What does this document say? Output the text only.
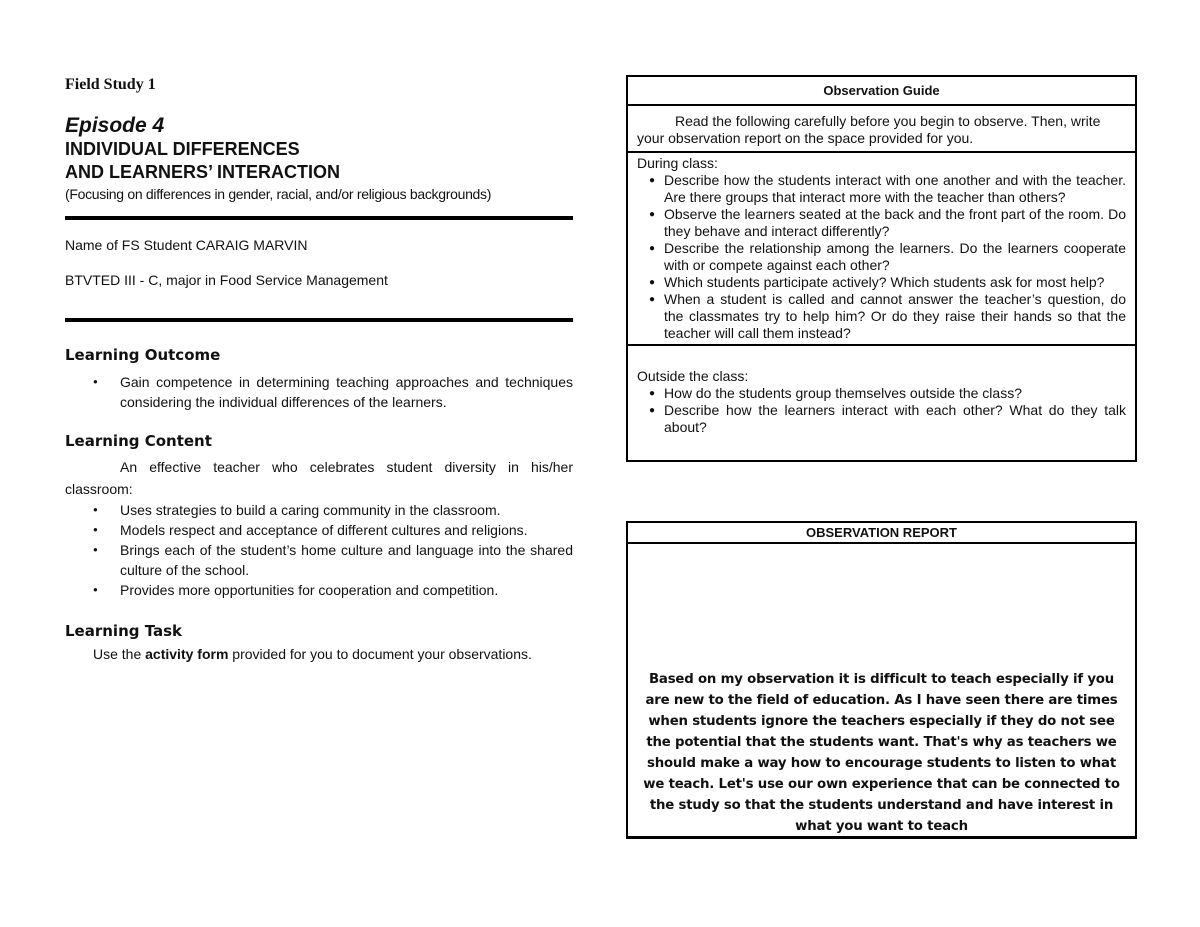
Field Study 1

Episode 4

INDIVIDUAL DIFFERENCES

AND LEARNERS’ INTERACTION

(Focusing on differences in gender, racial, and/or religious backgrounds)

Name of FS Student CARAIG MARVIN

BTVTED III - C, major in Food Service Management

Learning Outcome

● Gain competence in determining teaching approaches and techniques considering the individual differences of the learners.

Learning Content

An effective teacher who celebrates student diversity in his/her classroom:

● Uses strategies to build a caring community in the classroom.
● Models respect and acceptance of different cultures and religions.
● Brings each of the student’s home culture and language into the shared culture of the school.
● Provides more opportunities for cooperation and competition.

Learning Task

Use the activity form provided for you to document your observations.

Observation Guide
Read the following carefully before you begin to observe. Then, write your observation report on the space provided for you.
During class:
● Describe how the students interact with one another and with the teacher. Are there groups that interact more with the teacher than others?
● Observe the learners seated at the back and the front part of the room. Do they behave and interact differently?
● Describe the relationship among the learners. Do the learners cooperate with or compete against each other?
● Which students participate actively? Which students ask for most help?
● When a student is called and cannot answer the teacher’s question, do the classmates try to help him? Or do they raise their hands so that the teacher will call them instead?
Outside the class:
● How do the students group themselves outside the class?
● Describe how the learners interact with each other? What do they talk about?
OBSERVATION REPORT
Based on my observation it is difficult to teach especially if you are new to the field of education. As I have seen there are times when students ignore the teachers especially if they do not see the potential that the students want. That's why as teachers we should make a way how to encourage students to listen to what we teach. Let's use our own experience that can be connected to the study so that the students understand and have interest in what you want to teach
